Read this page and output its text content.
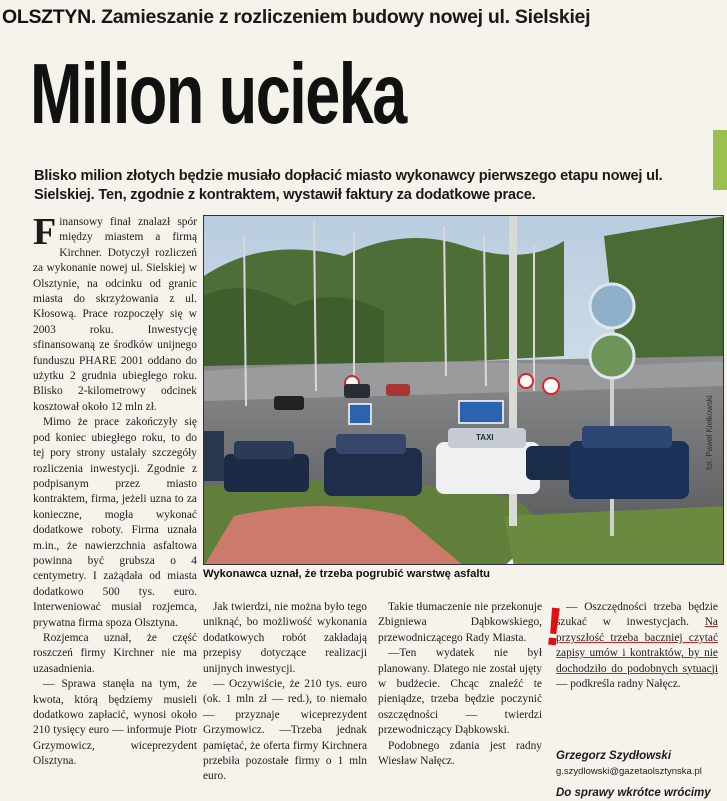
OLSZTYN. Zamieszanie z rozliczeniem budowy nowej ul. Sielskiej
Milion ucieka
Blisko milion złotych będzie musiało dopłacić miasto wykonawcy pierwszego etapu nowej ul. Sielskiej. Ten, zgodnie z kontraktem, wystawił faktury za dodatkowe prace.

Finansowy finał znalazł spór między miastem a firmą Kirchner. Dotyczył rozliczeń za wykonanie nowej ul. Sielskiej w Olsztynie, na odcinku od granic miasta do skrzyżowania z ul. Kłosową. Prace rozpoczęły się w 2003 roku. Inwestycję sfinansowaną ze środków unijnego funduszu PHARE 2001 oddano do użytku 2 grudnia ubiegłego roku. Blisko 2-kilometrowy odcinek kosztował około 12 mln zł.

Mimo że prace zakończyły się pod koniec ubiegłego roku, to do tej pory strony ustalały szczegóły rozliczenia inwestycji. Zgodnie z podpisanym przez miasto kontraktem, firma, jeżeli uzna to za konieczne, mogła wykonać dodatkowe roboty. Firma uznała m.in., że nawierzchnia asfaltowa powinna być grubsza o 4 centymetry. I zażądała od miasta dodatkowo 500 tys. euro. Interweniować musiał rozjemca, prywatna firma spoza Olsztyna.

Rozjemca uznał, że część roszczeń firmy Kirchner nie ma uzasadnienia.

— Sprawa stanęła na tym, że kwota, którą będziemy musieli dodatkowo zapłacić, wynosi około 210 tysięcy euro — informuje Piotr Grzymowicz, wiceprezydent Olsztyna.

TAXI	fot. Paweł Kiełkowski
Wykonawca uznał, że trzeba pogrubić warstwę asfaltu

Jak twierdzi, nie można było tego uniknąć, bo możliwość wykonania dodatkowych robót zakładają przepisy dotyczące realizacji unijnych inwestycji.

— Oczywiście, że 210 tys. euro (ok. 1 mln zł — red.), to niemało — przyznaje wiceprezydent Grzymowicz. —Trzeba jednak pamiętać, że oferta firmy Kirchnera przebiła pozostałe firmy o 1 mln euro.

Takie tłumaczenie nie przekonuje Zbigniewa Dąbkowskiego, przewodniczącego Rady Miasta.

—Ten wydatek nie był planowany. Dlatego nie został ujęty w budżecie. Chcąc znaleźć te pieniądze, trzeba będzie poczynić oszczędności — twierdzi przewodniczący Dąbkowski.

Podobnego zdania jest radny Wiesław Nałęcz.

— Oszczędności trzeba będzie szukać w inwestycjach. Na przyszłość trzeba baczniej czytać zapisy umów i kontraktów, by nie dochodziło do podobnych sytuacji — podkreśla radny Nałęcz.

!
Grzegorz Szydłowski
g.szydlowski@gazetaolsztynska.pl
Do sprawy wkrótce wrócimy
